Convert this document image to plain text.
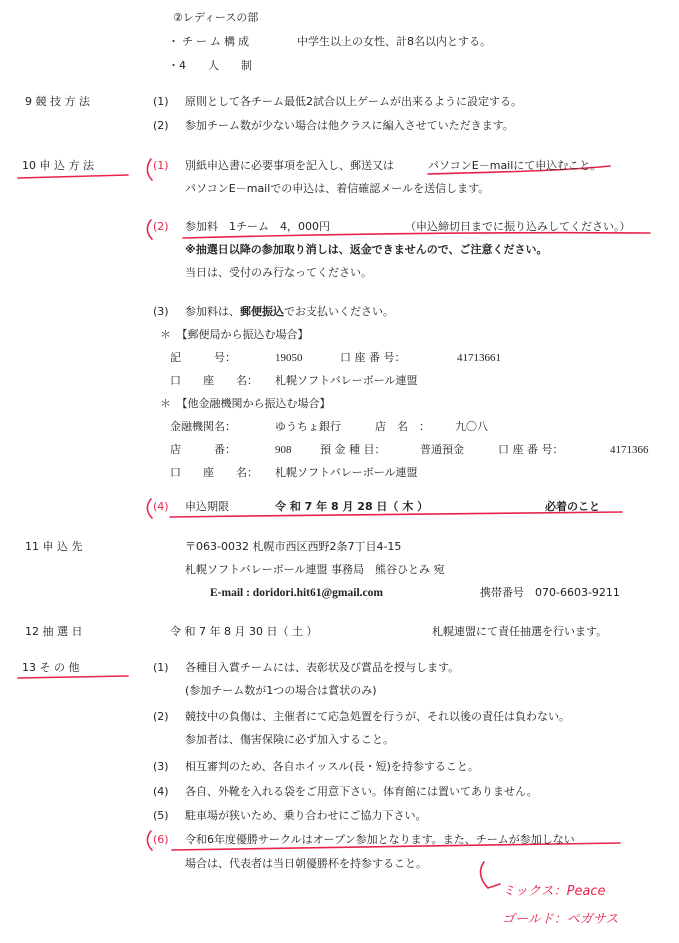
②レディースの部
・チーム構成	中学生以上の女性、計8名以内とする。
・4　　人　　制
9 競 技 方 法	(1) 原則として各チーム最低2試合以上ゲームが出来るように設定する。
(2) 参加チーム数が少ない場合は他クラスに編入させていただきます。
10 申 込 方 法	(1) 別紙申込書に必要事項を記入し、郵送又は	パソコンE－mailにて申込むこと。
パソコンE－mailでの申込は、着信確認メールを送信します。
(2) 参加料　1チーム　4，000円	（申込締切日までに振り込みしてください。）
※抽選日以降の参加取り消しは、返金できませんので、ご注意ください。
当日は、受付のみ行なってください。
(3) 参加料は、郵便振込でお支払いください。
＊　【郵便局から振込む場合】
記　　　号：	19050	口 座 番 号：	41713661
口　　座　　名： 札幌ソフトバレーボール連盟
＊　【他金融機関から振込む場合】
金融機関名：	ゆうちょ銀行	店　名　： 九〇八
店　　　番：	908	預 金 種 目：	普通預金	口 座 番 号：	4171366
口　　座　　名： 札幌ソフトバレーボール連盟
(4) 申込期限	令 和 7 年 8 月 28 日（ 木 ）	必着のこと
11 申 込 先	〒063-0032 札幌市西区西野2条7丁目4-15
札幌ソフトバレーボール連盟 事務局　熊谷ひとみ 宛
E-mail : doridori.hit61@gmail.com	携帯番号　070-6603-9211
12 抽 選 日	令 和 7 年 8 月 30 日（ 土 ）	札幌連盟にて責任抽選を行います。
13 そ の 他	(1) 各種目入賞チームには、表彰状及び賞品を授与します。
(参加チーム数が1つの場合は賞状のみ)
(2) 競技中の負傷は、主催者にて応急処置を行うが、それ以後の責任は負わない。
参加者は、傷害保険に必ず加入すること。
(3) 相互審判のため、各自ホイッスル(長・短)を持参すること。
(4) 各自、外靴を入れる袋をご用意下さい。体育館には置いてありません。
(5) 駐車場が狭いため、乗り合わせにご協力下さい。
(6) 令和6年度優勝サークルはオープン参加となります。また、チームが参加しない
場合は、代表者は当日朝優勝杯を持参すること。
ミックス：Peace
ゴールド：ペガサス
